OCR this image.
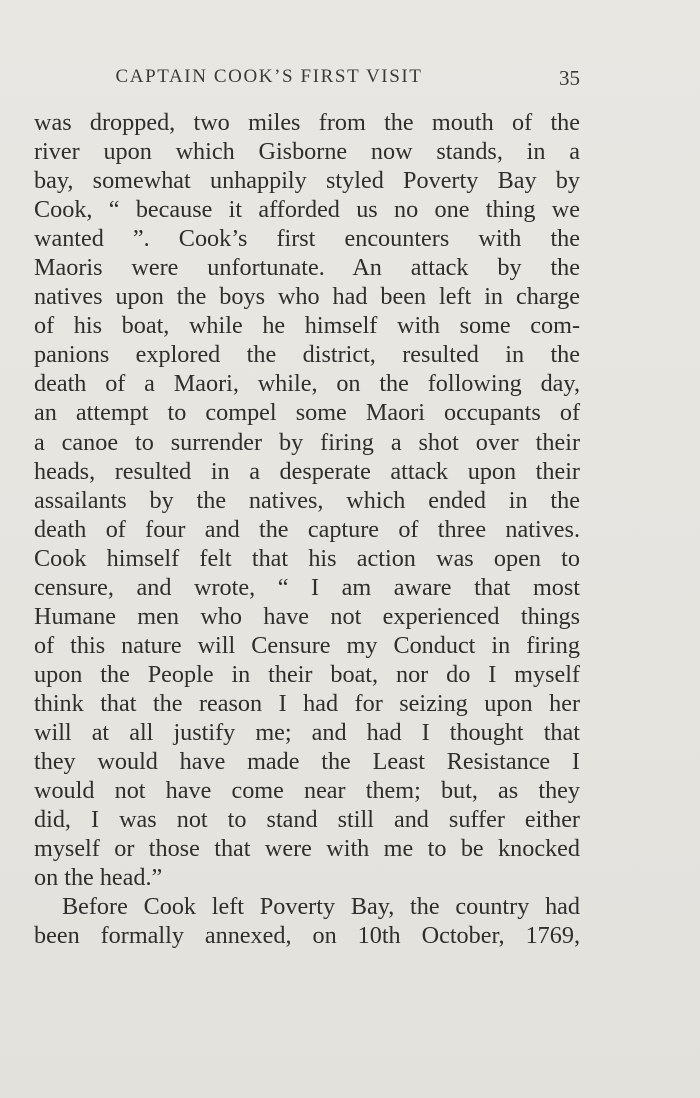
CAPTAIN COOK’S FIRST VISIT	35
was dropped, two miles from the mouth of the
river upon which Gisborne now stands, in a
bay, somewhat unhappily styled Poverty Bay by
Cook, “ because it afforded us no one thing we
wanted ”. Cook’s first encounters with the
Maoris were unfortunate. An attack by the
natives upon the boys who had been left in charge
of his boat, while he himself with some com-
panions explored the district, resulted in the
death of a Maori, while, on the following day,
an attempt to compel some Maori occupants of
a canoe to surrender by firing a shot over their
heads, resulted in a desperate attack upon their
assailants by the natives, which ended in the
death of four and the capture of three natives.
Cook himself felt that his action was open to
censure, and wrote, “ I am aware that most
Humane men who have not experienced things
of this nature will Censure my Conduct in firing
upon the People in their boat, nor do I myself
think that the reason I had for seizing upon her
will at all justify me; and had I thought that
they would have made the Least Resistance I
would not have come near them; but, as they
did, I was not to stand still and suffer either
myself or those that were with me to be knocked
on the head.”
Before Cook left Poverty Bay, the country had
been formally annexed, on 10th October, 1769,
